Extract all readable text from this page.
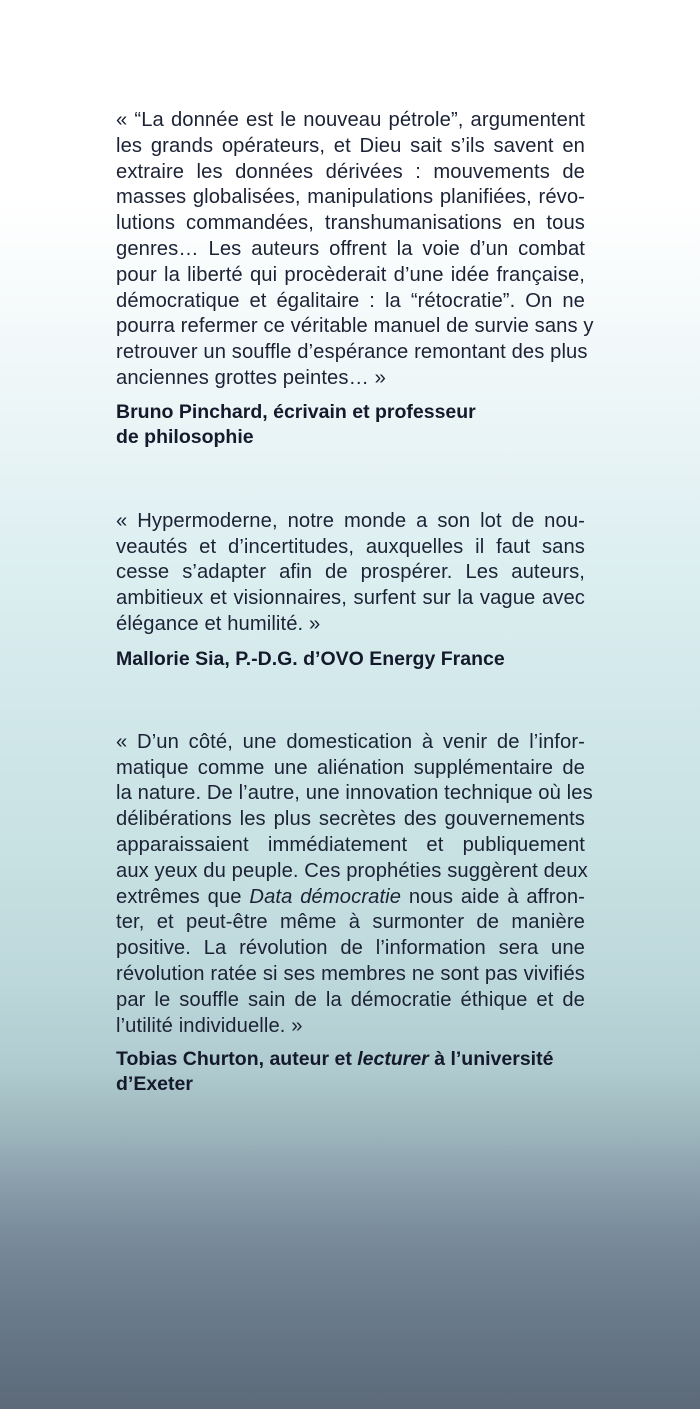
« “La donnée est le nouveau pétrole”, argumentent
les grands opérateurs, et Dieu sait s’ils savent en
extraire les données dérivées : mouvements de
masses globalisées, manipulations planifiées, révo-
lutions commandées, transhumanisations en tous
genres… Les auteurs offrent la voie d’un combat
pour la liberté qui procèderait d’une idée française,
démocratique et égalitaire : la “rétocratie”. On ne
pourra refermer ce véritable manuel de survie sans y
retrouver un souffle d’espérance remontant des plus
anciennes grottes peintes… »

Bruno Pinchard, écrivain et professeur
de philosophie

« Hypermoderne, notre monde a son lot de nou-
veautés et d’incertitudes, auxquelles il faut sans
cesse s’adapter afin de prospérer. Les auteurs,
ambitieux et visionnaires, surfent sur la vague avec
élégance et humilité. »

Mallorie Sia, P.-D.G. d’OVO Energy France

« D’un côté, une domestication à venir de l’infor-
matique comme une aliénation supplémentaire de
la nature. De l’autre, une innovation technique où les
délibérations les plus secrètes des gouvernements
apparaissaient immédiatement et publiquement
aux yeux du peuple. Ces prophéties suggèrent deux
extrêmes que Data démocratie nous aide à affron-
ter, et peut-être même à surmonter de manière
positive. La révolution de l’information sera une
révolution ratée si ses membres ne sont pas vivifiés
par le souffle sain de la démocratie éthique et de
l’utilité individuelle. »

Tobias Churton, auteur et lecturer à l’université
d’Exeter
